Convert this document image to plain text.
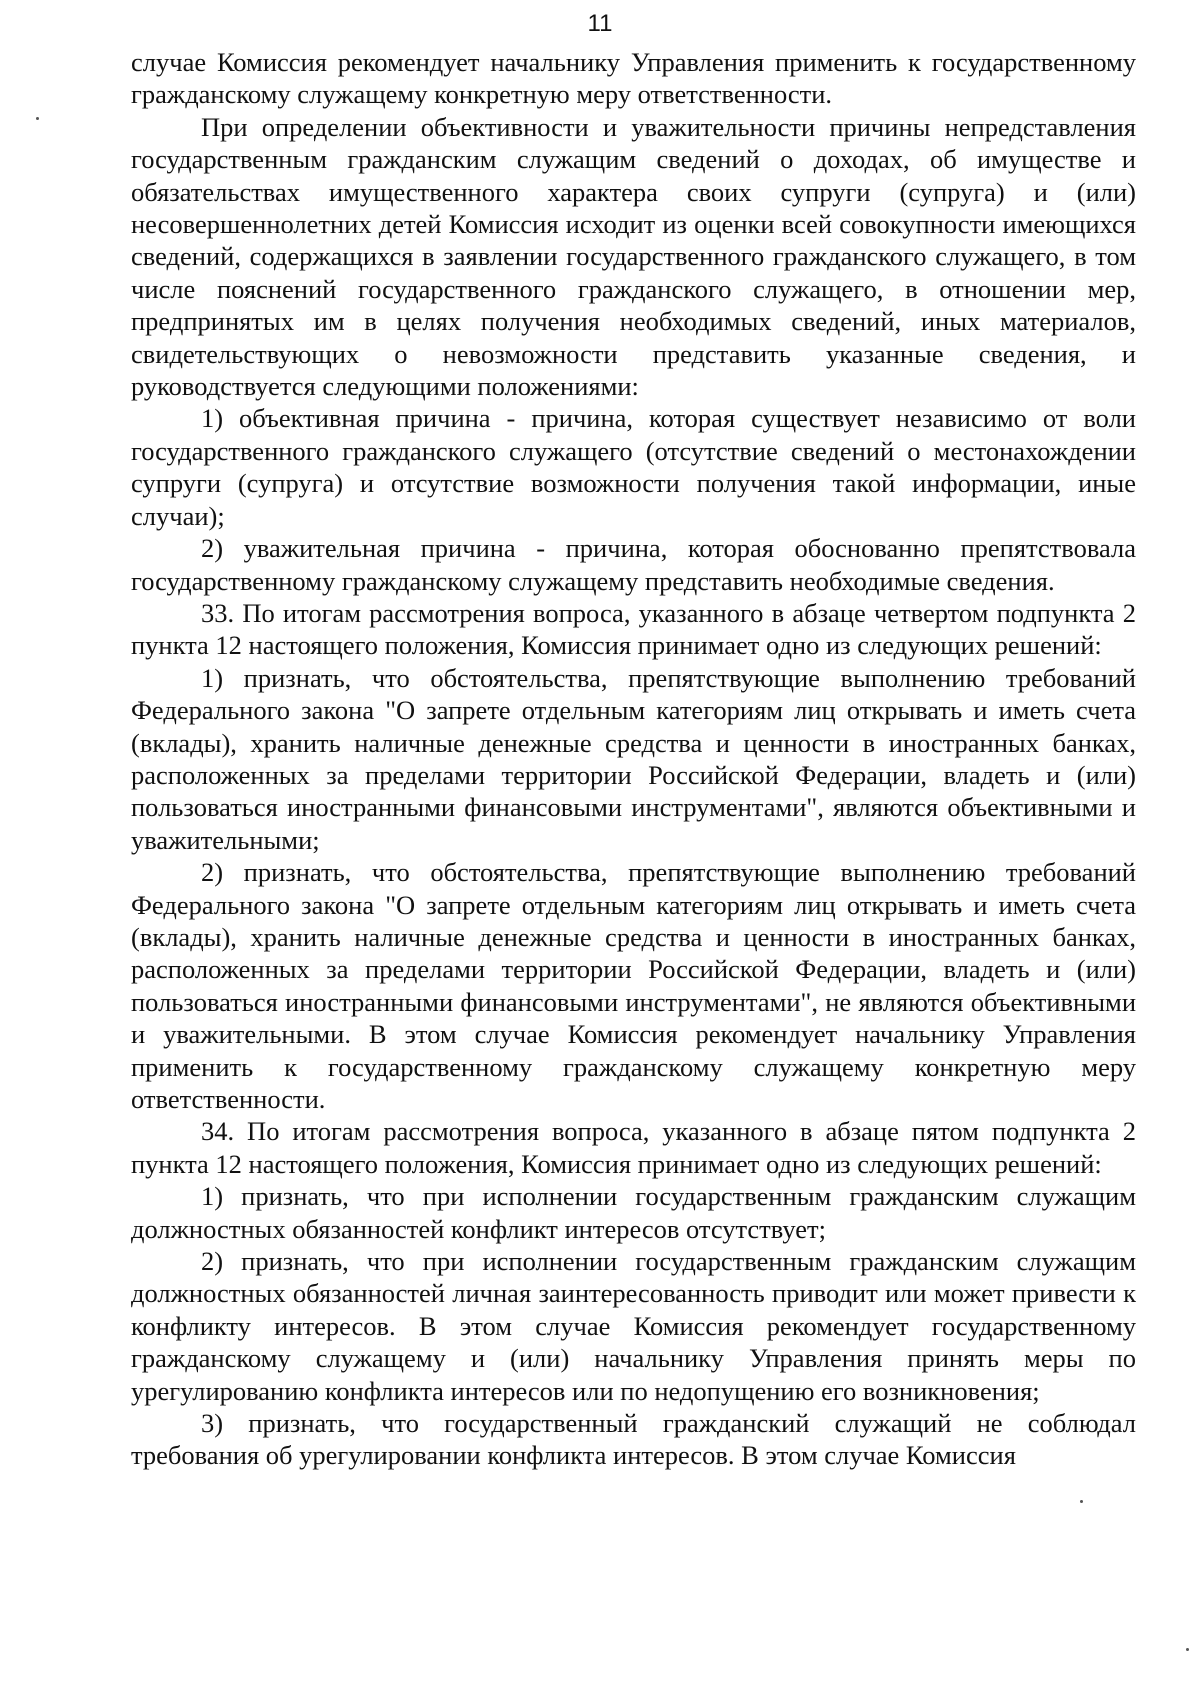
11

случае Комиссия рекомендует начальнику Управления применить к государственному гражданскому служащему конкретную меру ответственности.

При определении объективности и уважительности причины непредставления государственным гражданским служащим сведений о доходах, об имуществе и обязательствах имущественного характера своих супруги (супруга) и (или) несовершеннолетних детей Комиссия исходит из оценки всей совокупности имеющихся сведений, содержащихся в заявлении государственного гражданского служащего, в том числе пояснений государственного гражданского служащего, в отношении мер, предпринятых им в целях получения необходимых сведений, иных материалов, свидетельствующих о невозможности представить указанные сведения, и руководствуется следующими положениями:

1) объективная причина - причина, которая существует независимо от воли государственного гражданского служащего (отсутствие сведений о местонахождении супруги (супруга) и отсутствие возможности получения такой информации, иные случаи);

2) уважительная причина - причина, которая обоснованно препятствовала государственному гражданскому служащему представить необходимые сведения.

33. По итогам рассмотрения вопроса, указанного в абзаце четвертом подпункта 2 пункта 12 настоящего положения, Комиссия принимает одно из следующих решений:

1) признать, что обстоятельства, препятствующие выполнению требований Федерального закона "О запрете отдельным категориям лиц открывать и иметь счета (вклады), хранить наличные денежные средства и ценности в иностранных банках, расположенных за пределами территории Российской Федерации, владеть и (или) пользоваться иностранными финансовыми инструментами", являются объективными и уважительными;

2) признать, что обстоятельства, препятствующие выполнению требований Федерального закона "О запрете отдельным категориям лиц открывать и иметь счета (вклады), хранить наличные денежные средства и ценности в иностранных банках, расположенных за пределами территории Российской Федерации, владеть и (или) пользоваться иностранными финансовыми инструментами", не являются объективными и уважительными. В этом случае Комиссия рекомендует начальнику Управления применить к государственному гражданскому служащему конкретную меру ответственности.

34. По итогам рассмотрения вопроса, указанного в абзаце пятом подпункта 2 пункта 12 настоящего положения, Комиссия принимает одно из следующих решений:

1) признать, что при исполнении государственным гражданским служащим должностных обязанностей конфликт интересов отсутствует;

2) признать, что при исполнении государственным гражданским служащим должностных обязанностей личная заинтересованность приводит или может привести к конфликту интересов. В этом случае Комиссия рекомендует государственному гражданскому служащему и (или) начальнику Управления принять меры по урегулированию конфликта интересов или по недопущению его возникновения;

3) признать, что государственный гражданский служащий не соблюдал требования об урегулировании конфликта интересов. В этом случае Комиссия
